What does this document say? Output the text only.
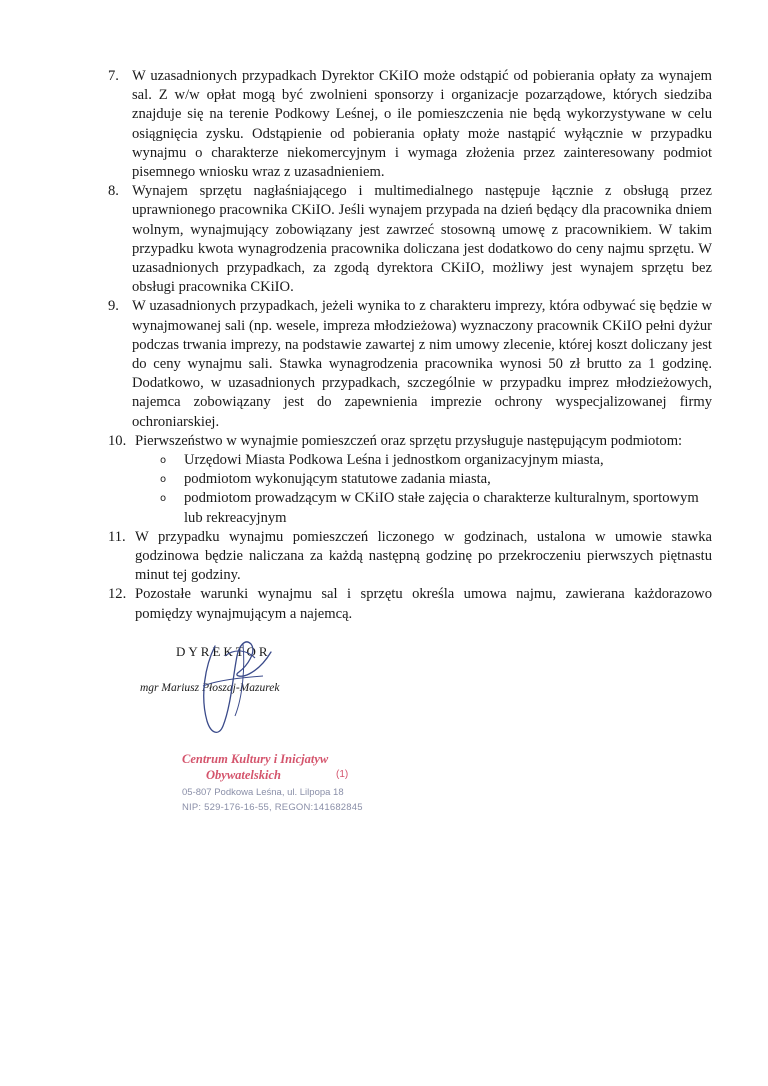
7. W uzasadnionych przypadkach Dyrektor CKiIO może odstąpić od pobierania opłaty za wynajem sal. Z w/w opłat mogą być zwolnieni sponsorzy i organizacje pozarządowe, których siedziba znajduje się na terenie Podkowy Leśnej, o ile pomieszczenia nie będą wykorzystywane w celu osiągnięcia zysku. Odstąpienie od pobierania opłaty może nastąpić wyłącznie w przypadku wynajmu o charakterze niekomercyjnym i wymaga złożenia przez zainteresowany podmiot pisemnego wniosku wraz z uzasadnieniem.
8. Wynajem sprzętu nagłaśniającego i multimedialnego następuje łącznie z obsługą przez uprawnionego pracownika CKiIO. Jeśli wynajem przypada na dzień będący dla pracownika dniem wolnym, wynajmujący zobowiązany jest zawrzeć stosowną umowę z pracownikiem. W takim przypadku kwota wynagrodzenia pracownika doliczana jest dodatkowo do ceny najmu sprzętu. W uzasadnionych przypadkach, za zgodą dyrektora CKiIO, możliwy jest wynajem sprzętu bez obsługi pracownika CKiIO.
9. W uzasadnionych przypadkach, jeżeli wynika to z charakteru imprezy, która odbywać się będzie w wynajmowanej sali (np. wesele, impreza młodzieżowa) wyznaczony pracownik CKiIO pełni dyżur podczas trwania imprezy, na podstawie zawartej z nim umowy zlecenie, której koszt doliczany jest do ceny wynajmu sali. Stawka wynagrodzenia pracownika wynosi 50 zł brutto za 1 godzinę. Dodatkowo, w uzasadnionych przypadkach, szczególnie w przypadku imprez młodzieżowych, najemca zobowiązany jest do zapewnienia imprezie ochrony wyspecjalizowanej firmy ochroniarskiej.
10. Pierwszeństwo w wynajmie pomieszczeń oraz sprzętu przysługuje następującym podmiotom:
o Urzędowi Miasta Podkowa Leśna i jednostkom organizacyjnym miasta,
o podmiotom wykonującym statutowe zadania miasta,
o podmiotom prowadzącym w CKiIO stałe zajęcia o charakterze kulturalnym, sportowym lub rekreacyjnym
11. W przypadku wynajmu pomieszczeń liczonego w godzinach, ustalona w umowie stawka godzinowa będzie naliczana za każdą następną godzinę po przekroczeniu pierwszych piętnastu minut tej godziny.
12. Pozostałe warunki wynajmu sal i sprzętu określa umowa najmu, zawierana każdorazowo pomiędzy wynajmującym a najemcą.
DYREKTOR
mgr Mariusz Płoszaj-Mazurek
Centrum Kultury i Inicjatyw
Obywatelskich	(1)
05-807 Podkowa Leśna, ul. Lilpopa 18
NIP: 529-176-16-55, REGON:141682845
